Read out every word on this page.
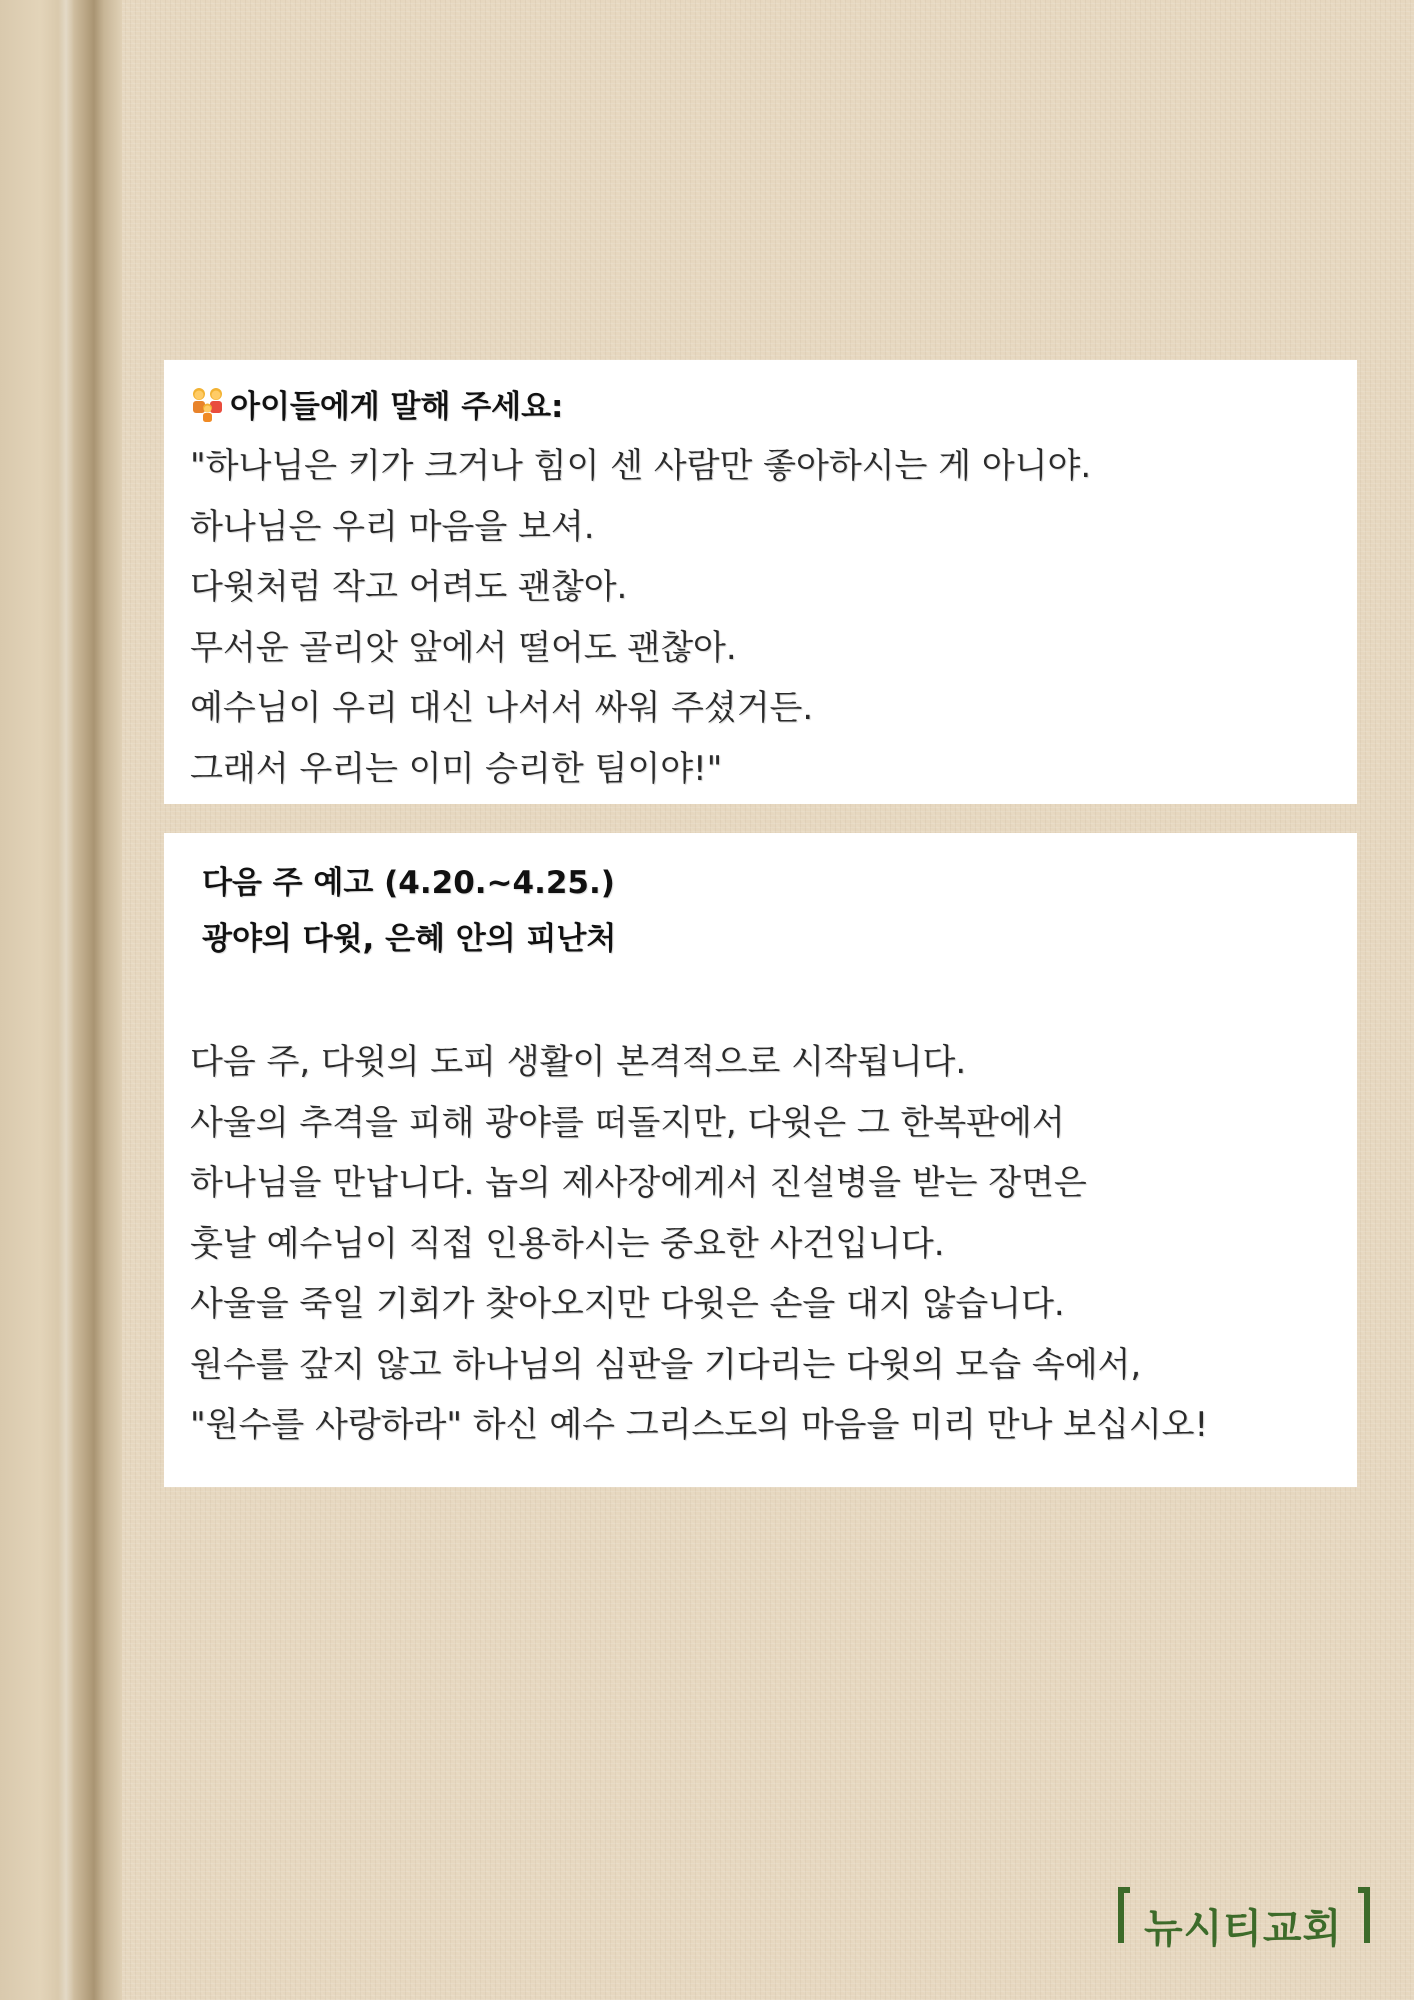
아이들에게 말해 주세요:
"하나님은 키가 크거나 힘이 센 사람만 좋아하시는 게 아니야.
하나님은 우리 마음을 보셔.
다윗처럼 작고 어려도 괜찮아.
무서운 골리앗 앞에서 떨어도 괜찮아.
예수님이 우리 대신 나서서 싸워 주셨거든.
그래서 우리는 이미 승리한 팀이야!"
다음 주 예고 (4.20.~4.25.)
광야의 다윗, 은혜 안의 피난처
다음 주, 다윗의 도피 생활이 본격적으로 시작됩니다.
사울의 추격을 피해 광야를 떠돌지만, 다윗은 그 한복판에서
하나님을 만납니다. 놉의 제사장에게서 진설병을 받는 장면은
훗날 예수님이 직접 인용하시는 중요한 사건입니다.
사울을 죽일 기회가 찾아오지만 다윗은 손을 대지 않습니다.
원수를 갚지 않고 하나님의 심판을 기다리는 다윗의 모습 속에서,
"원수를 사랑하라" 하신 예수 그리스도의 마음을 미리 만나 보십시오!
뉴시티교회
